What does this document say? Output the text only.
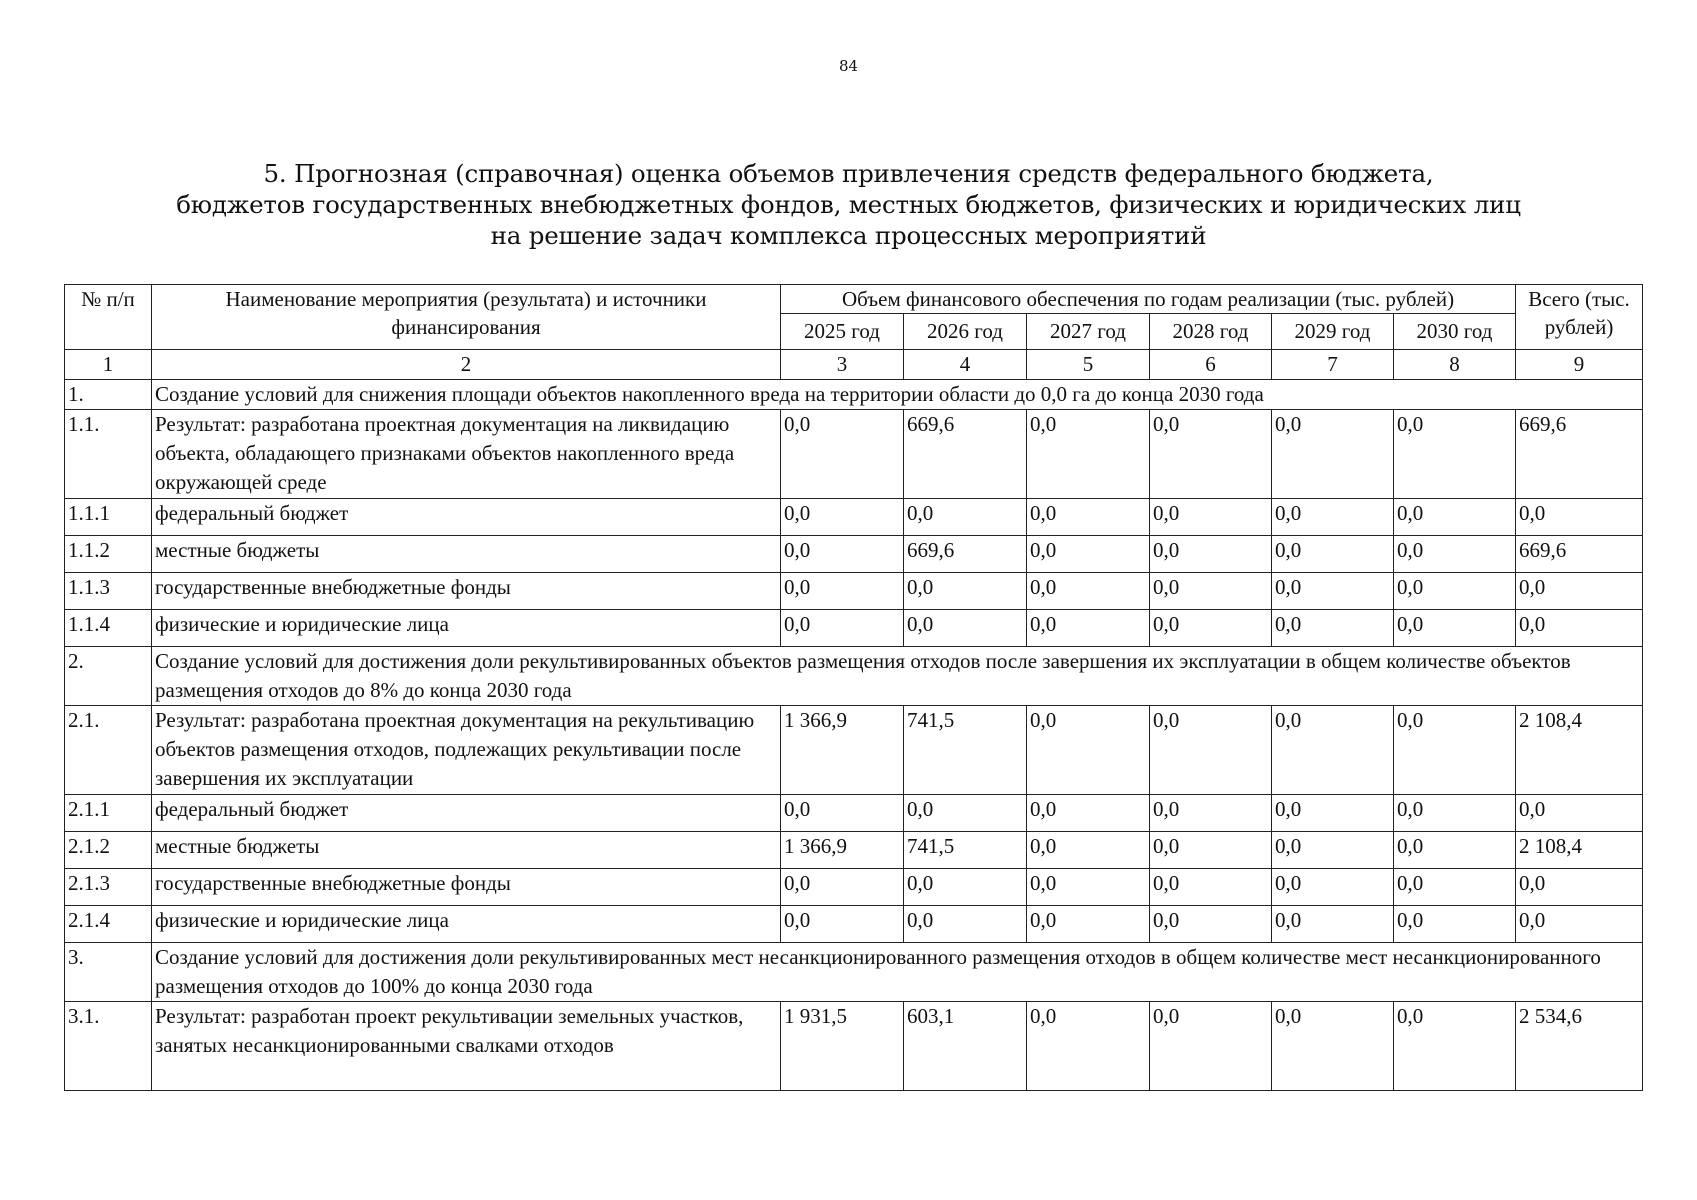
84
5. Прогнозная (справочная) оценка объемов привлечения средств федерального бюджета,
бюджетов государственных внебюджетных фондов, местных бюджетов, физических и юридических лиц
на решение задач комплекса процессных мероприятий
№ п/п	Наименование мероприятия (результата) и источники финансирования	Объем финансового обеспечения по годам реализации (тыс. рублей)						Всего (тыс. рублей)
		2025 год	2026 год	2027 год	2028 год	2029 год	2030 год	
1	2	3	4	5	6	7	8	9
1.	Создание условий для снижения площади объектов накопленного вреда на территории области до 0,0 га до конца 2030 года							
1.1.	Результат: разработана проектная документация на ликвидацию объекта, обладающего признаками объектов накопленного вреда окружающей среде	0,0	669,6	0,0	0,0	0,0	0,0	669,6
1.1.1	федеральный бюджет	0,0	0,0	0,0	0,0	0,0	0,0	0,0
1.1.2	местные бюджеты	0,0	669,6	0,0	0,0	0,0	0,0	669,6
1.1.3	государственные внебюджетные фонды	0,0	0,0	0,0	0,0	0,0	0,0	0,0
1.1.4	физические и юридические лица	0,0	0,0	0,0	0,0	0,0	0,0	0,0
2.	Создание условий для достижения доли рекультивированных объектов размещения отходов после завершения их эксплуатации в общем количестве объектов размещения отходов до 8% до конца 2030 года							
2.1.	Результат: разработана проектная документация на рекультивацию объектов размещения отходов, подлежащих рекультивации после завершения их эксплуатации	1 366,9	741,5	0,0	0,0	0,0	0,0	2 108,4
2.1.1	федеральный бюджет	0,0	0,0	0,0	0,0	0,0	0,0	0,0
2.1.2	местные бюджеты	1 366,9	741,5	0,0	0,0	0,0	0,0	2 108,4
2.1.3	государственные внебюджетные фонды	0,0	0,0	0,0	0,0	0,0	0,0	0,0
2.1.4	физические и юридические лица	0,0	0,0	0,0	0,0	0,0	0,0	0,0
3.	Создание условий для достижения доли рекультивированных мест несанкционированного размещения отходов в общем количестве мест несанкционированного размещения отходов до 100% до конца 2030 года							
3.1.	Результат: разработан проект рекультивации земельных участков, занятых несанкционированными свалками отходов	1 931,5	603,1	0,0	0,0	0,0	0,0	2 534,6
